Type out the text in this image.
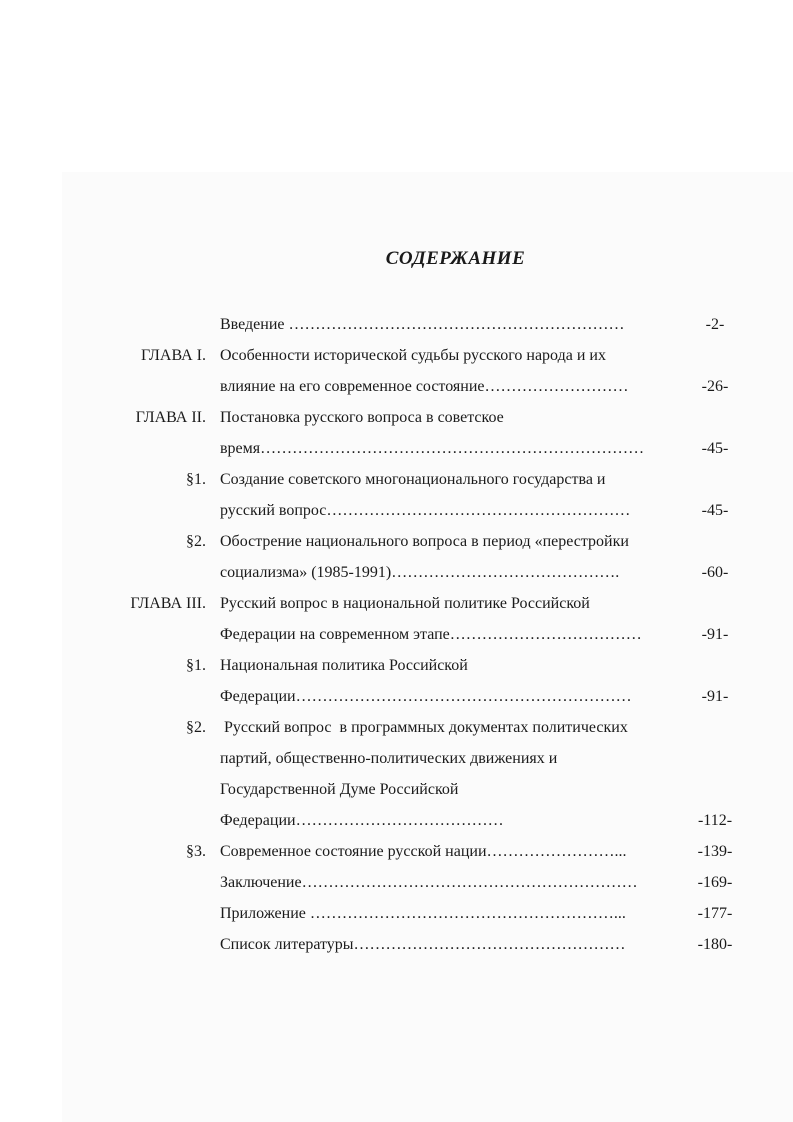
СОДЕРЖАНИЕ
Введение ………………………………………………………	-2-
ГЛАВА I. Особенности исторической судьбы русского народа и их
влияние на его современное состояние………………………	-26-
ГЛАВА II. Постановка русского вопроса в советское
время………………………………………………………………	-45-
§1. Создание советского многонационального государства и
русский вопрос…………………………………………………	-45-
§2. Обострение национального вопроса в период «перестройки
социализма» (1985-1991)…………………………………….	-60-
ГЛАВА III. Русский вопрос в национальной политике Российской
Федерации на современном этапе………………………………	-91-
§1. Национальная политика Российской
Федерации………………………………………………………	-91-
§2. Русский вопрос  в программных документах политических
партий, общественно-политических движениях и
Государственной Думе Российской
Федерации…………………………………	-112-
§3. Современное состояние русской нации……………………...	-139-
Заключение………………………………………………………	-169-
Приложение …………………………………………………...	-177-
Список литературы……………………………………………	-180-
